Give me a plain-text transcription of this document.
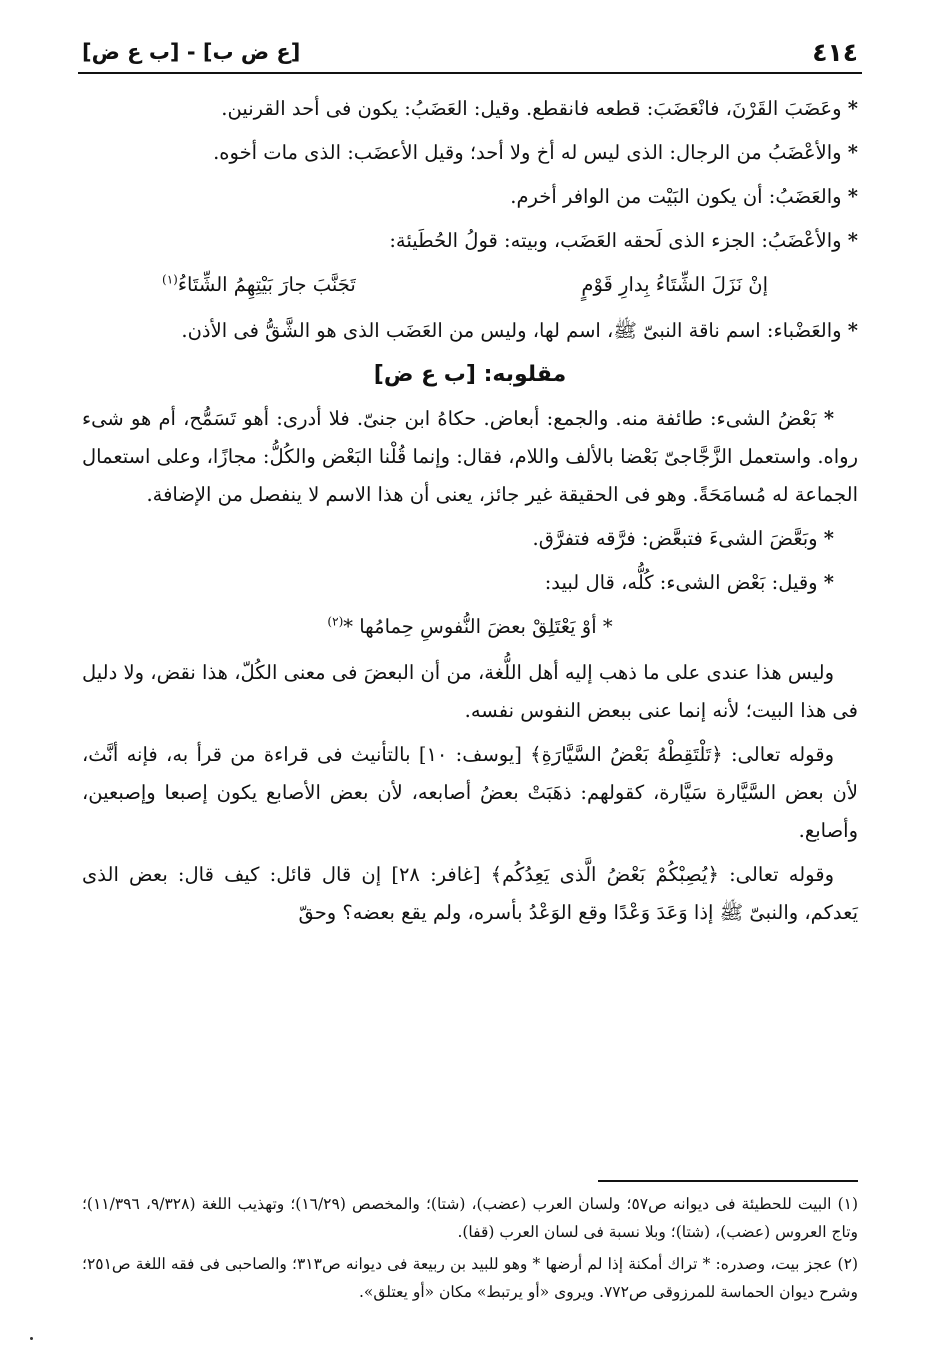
٤١٤
[ع ض ب] - [ب ع ض]

* وعَضَبَ القَرْنَ، فانْعَضَبَ: قطعه فانقطع. وقيل: العَضَبُ: يكون فى أحد القرنين.

* والأعْضَبُ من الرجال: الذى ليس له أخ ولا أحد؛ وقيل الأعضَب: الذى مات أخوه.

* والعَضَبُ: أن يكون البَيْت من الوافر أخرم.

* والأعْضَبُ: الجزء الذى لَحقه العَضَب، وبيته: قولُ الحُطَيئة:

إنْ نَزَلَ الشِّتَاءُ بِدارِ قَوْمٍ
تَجَنَّبَ جارَ بَيْتِهِمُ الشِّتَاءُ$^{(١)}$

* والعَضْباء: اسم ناقة النبىّ ﷺ، اسم لها، وليس من العَضَب الذى هو الشَّقُّ فى الأذن.

مقلوبه: [ب ع ض]

* بَعْضُ الشىء: طائفة منه. والجمع: أبعاض. حكاهُ ابن جنىّ. فلا أدرى: أهو تَسَمُّح، أم هو شىء رواه. واستعمل الزَّجَّاجىّ بَعْضا بالألف واللام، فقال: وإنما قُلْنا البَعْض والكُلُّ: مجازًا، وعلى استعمال الجماعة له مُسامَحَةً. وهو فى الحقيقة غير جائز، يعنى أن هذا الاسم لا ينفصل من الإضافة.

* وبَعَّضَ الشىءَ فتبعَّض: فرَّقه فتفرَّق.

* وقيل: بَعْض الشىء: كُلُّه، قال لبيد:

* أوْ يَعْتَلِقْ بعضَ النُّفوسِ حِمامُها *$^{(٢)}$

وليس هذا عندى على ما ذهب إليه أهل اللُّغة، من أن البعضَ فى معنى الكُلّ، هذا نقض، ولا دليل فى هذا البيت؛ لأنه إنما عنى ببعض النفوس نفسه.

وقوله تعالى: ﴿تَلْتَقِطْهُ بَعْضُ السَّيَّارَةِ﴾ [يوسف: ١٠] بالتأنيث فى قراءة من قرأ به، فإنه أنَّث، لأن بعض السَّيَّارة سَيَّارة، كقولهم: ذهَبَتْ بعضُ أصابعه، لأن بعض الأصابع يكون إصبعا وإصبعين، وأصابع.

وقوله تعالى: ﴿يُصِبْكُمْ بَعْضُ الَّذى يَعِدُكُم﴾ [غافر: ٢٨] إن قال قائل: كيف قال: بعض الذى يَعدكم، والنبىّ ﷺ إذا وَعَدَ وَعْدًا وقع الوَعْدُ بأسره، ولم يقع بعضه؟ وحقّ

(١) البيت للحطيئة فى ديوانه ص٥٧؛ ولسان العرب (عضب)، (شتا)؛ والمخصص (١٦/٢٩)؛ وتهذيب اللغة (٩/٣٢٨، ١١/٣٩٦)؛ وتاج العروس (عضب)، (شتا)؛ وبلا نسبة فى لسان العرب (قفا).

(٢) عجز بيت، وصدره: * تراك أمكنة إذا لم أرضها * وهو للبيد بن ربيعة فى ديوانه ص٣١٣؛ والصاحبى فى فقه اللغة ص٢٥١؛ وشرح ديوان الحماسة للمرزوقى ص٧٧٢. ويروى «أو يرتبط» مكان «أو يعتلق».
